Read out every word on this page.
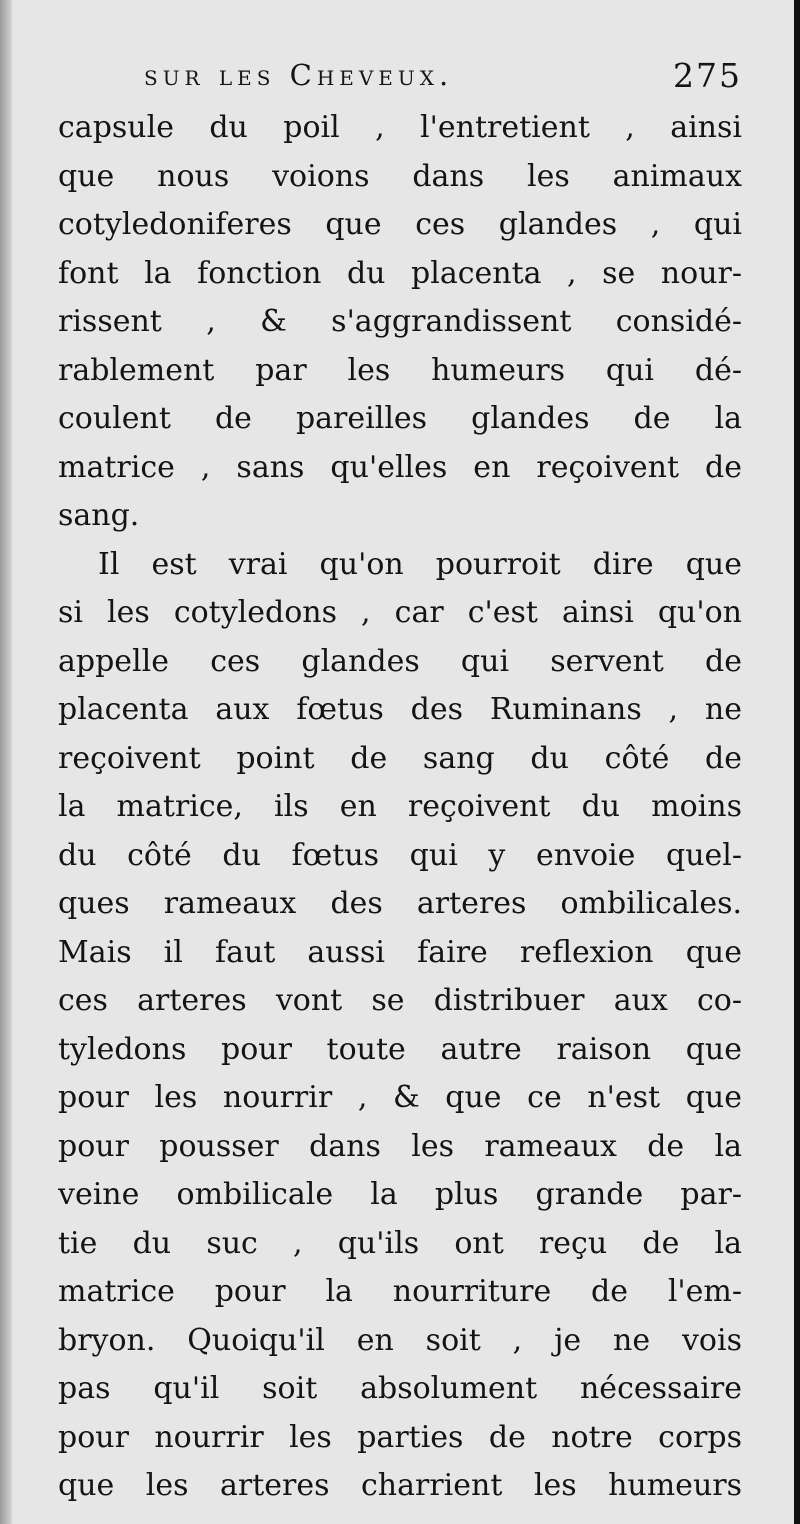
sur les Cheveux.	275
capsule du poil , l'entretient , ainsi
que nous voions dans les animaux
cotyledoniferes que ces glandes , qui
font la fonction du placenta , se nour-
rissent , & s'aggrandissent considé-
rablement par les humeurs qui dé-
coulent de pareilles glandes de la
matrice , sans qu'elles en reçoivent de
sang.
Il est vrai qu'on pourroit dire que
si les cotyledons , car c'est ainsi qu'on
appelle ces glandes qui servent de
placenta aux fœtus des Ruminans , ne
reçoivent point de sang du côté de
la matrice, ils en reçoivent du moins
du côté du fœtus qui y envoie quel-
ques rameaux des arteres ombilicales.
Mais il faut aussi faire reflexion que
ces arteres vont se distribuer aux co-
tyledons pour toute autre raison que
pour les nourrir , & que ce n'est que
pour pousser dans les rameaux de la
veine ombilicale la plus grande par-
tie du suc , qu'ils ont reçu de la
matrice pour la nourriture de l'em-
bryon. Quoiqu'il en soit , je ne vois
pas qu'il soit absolument nécessaire
pour nourrir les parties de notre corps
que les arteres charrient les humeurs
